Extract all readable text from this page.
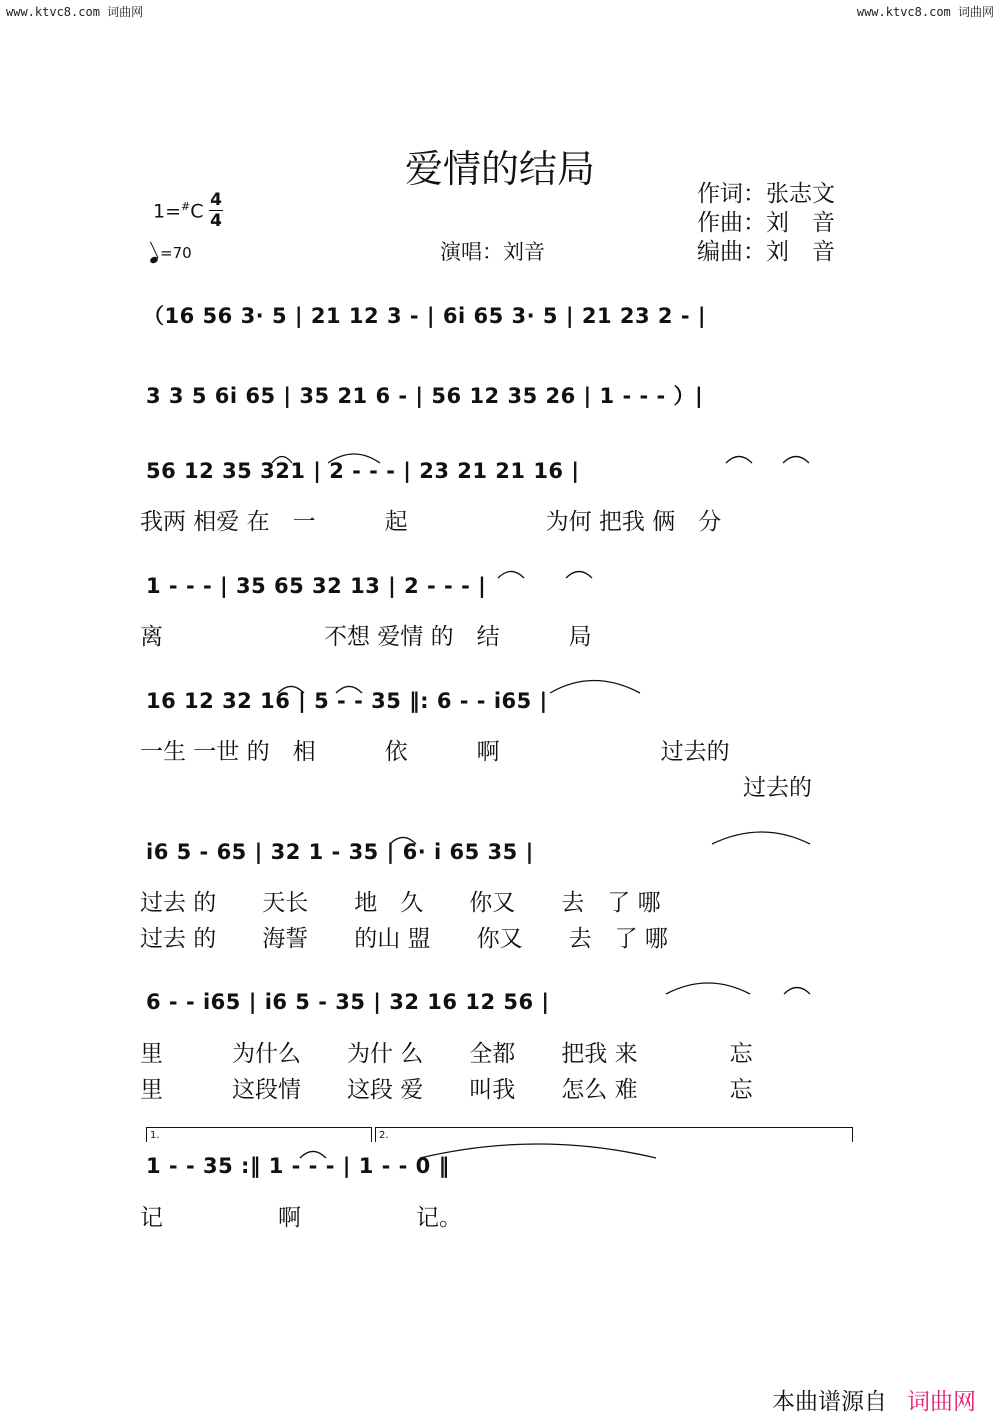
www.ktvc8.com 词曲网	www.ktvc8.com 词曲网
爱情的结局
作词：张志文
作曲：刘　音
编曲：刘　音
演唱：刘音
1=#C
4
4
=70
（16 56 3· 5 | 21 12 3 - | 6i 65 3· 5 | 21 23 2 - |
3 3 5 6i 65 | 35 21 6 - | 56 12 35 26 | 1 - - - ）|
56 12 35 321 | 2 - - - | 23 21 21 16 |
我两 相爱 在　一　　　起　　　　　　为何 把我 俩　分
1 - - - | 35 65 32 13 | 2 - - - |
离　　　　　　　不想 爱情 的　结　　　局
16 12 32 16 | 5 - - 35 ‖: 6 - - i65 |
一生 一世 的　相　　　依　　　啊　　　　　　　过去的
过去的
i6 5 - 65 | 32 1 - 35 | 6· i 65 35 |
过去 的　　天长　　地　久　　你又　　去　了 哪
过去 的　　海誓　　的山 盟　　你又　　去　了 哪
6 - - i65 | i6 5 - 35 | 32 16 12 56 |
里　　　为什么　　为什 么　　全都　　把我 来　　　　忘
里　　　这段情　　这段 爱　　叫我　　怎么 难　　　　忘
1.	2.
1 - - 35 :‖ 1 - - - | 1 - - 0 ‖
记　　　　　啊　　　　　记。
本曲谱源自 词曲网
